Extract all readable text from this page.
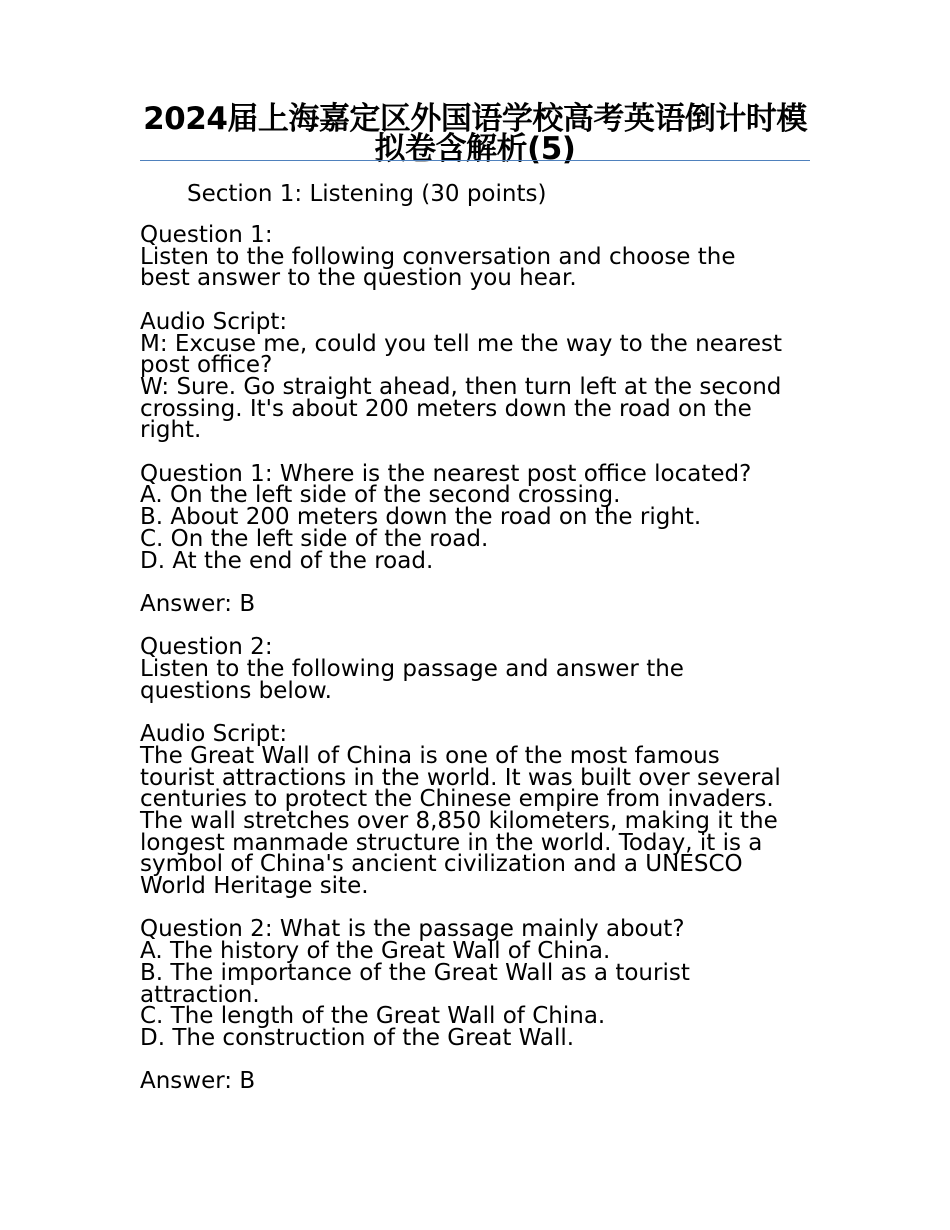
2024届上海嘉定区外国语学校高考英语倒计时模拟卷含解析(5)
Section 1: Listening (30 points)
Question 1:
Listen to the following conversation and choose the
best answer to the question you hear.
Audio Script:
M: Excuse me, could you tell me the way to the nearest
post office?
W: Sure. Go straight ahead, then turn left at the second
crossing. It's about 200 meters down the road on the
right.
Question 1: Where is the nearest post office located?
A. On the left side of the second crossing.
B. About 200 meters down the road on the right.
C. On the left side of the road.
D. At the end of the road.
Answer: B
Question 2:
Listen to the following passage and answer the
questions below.
Audio Script:
The Great Wall of China is one of the most famous
tourist attractions in the world. It was built over several
centuries to protect the Chinese empire from invaders.
The wall stretches over 8,850 kilometers, making it the
longest manmade structure in the world. Today, it is a
symbol of China's ancient civilization and a UNESCO
World Heritage site.
Question 2: What is the passage mainly about?
A. The history of the Great Wall of China.
B. The importance of the Great Wall as a tourist
attraction.
C. The length of the Great Wall of China.
D. The construction of the Great Wall.
Answer: B
